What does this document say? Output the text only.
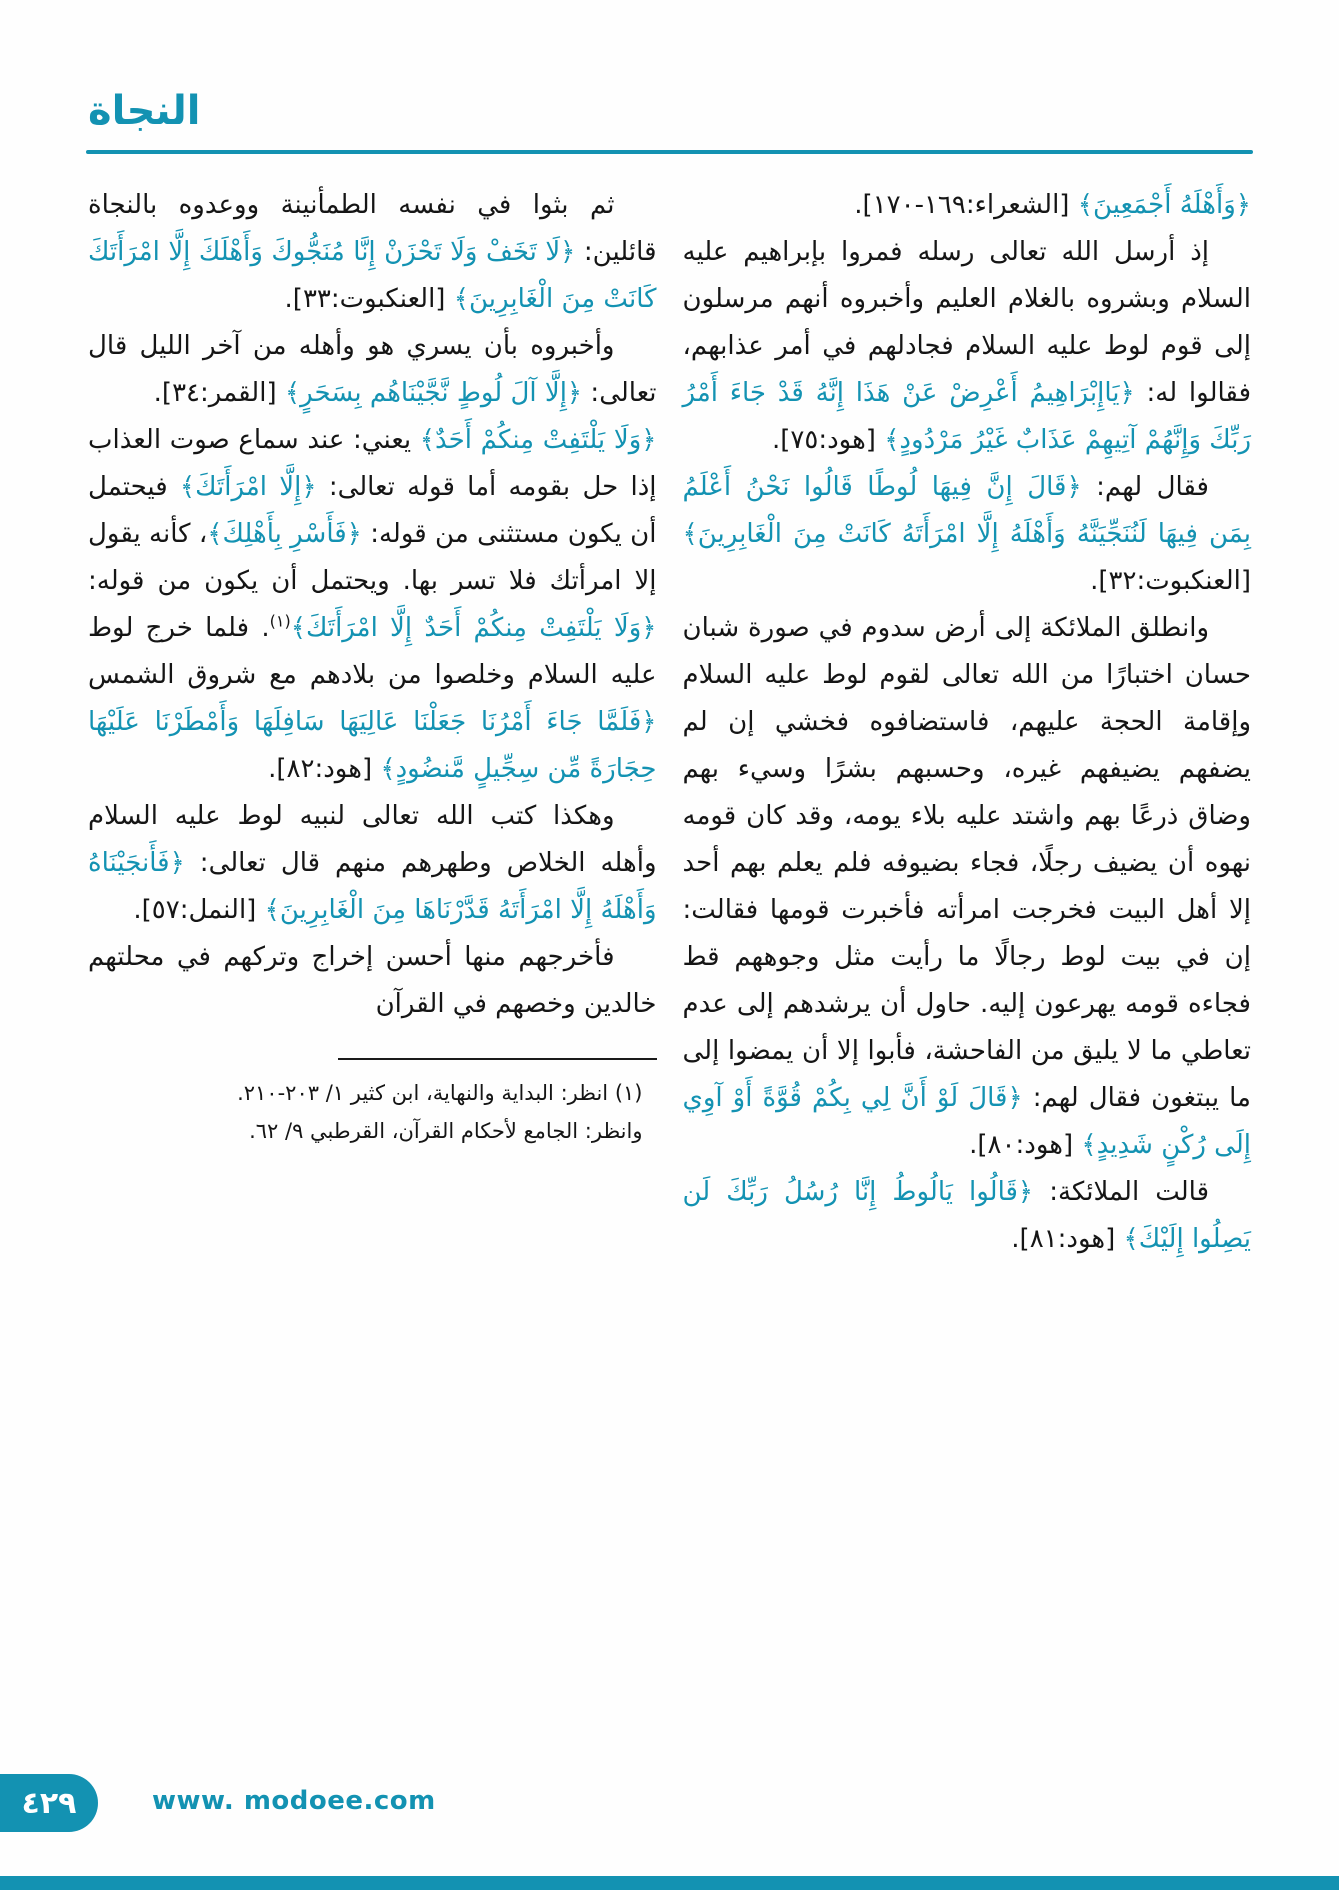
النجاة

﴿وَأَهْلَهُ أَجْمَعِينَ﴾ [الشعراء:١٦٩-١٧٠].

إذ أرسل الله تعالى رسله فمروا بإبراهيم عليه السلام وبشروه بالغلام العليم وأخبروه أنهم مرسلون إلى قوم لوط عليه السلام فجادلهم في أمر عذابهم، فقالوا له: ﴿يَاإِبْرَاهِيمُ أَعْرِضْ عَنْ هَذَا إِنَّهُ قَدْ جَاءَ أَمْرُ رَبِّكَ وَإِنَّهُمْ آتِيهِمْ عَذَابٌ غَيْرُ مَرْدُودٍ﴾ [هود:٧٥].

فقال لهم: ﴿قَالَ إِنَّ فِيهَا لُوطًا قَالُوا نَحْنُ أَعْلَمُ بِمَن فِيهَا لَنُنَجِّيَنَّهُ وَأَهْلَهُ إِلَّا امْرَأَتَهُ كَانَتْ مِنَ الْغَابِرِينَ﴾ [العنكبوت:٣٢].

وانطلق الملائكة إلى أرض سدوم في صورة شبان حسان اختبارًا من الله تعالى لقوم لوط عليه السلام وإقامة الحجة عليهم، فاستضافوه فخشي إن لم يضفهم يضيفهم غيره، وحسبهم بشرًا وسيء بهم وضاق ذرعًا بهم واشتد عليه بلاء يومه، وقد كان قومه نهوه أن يضيف رجلًا، فجاء بضيوفه فلم يعلم بهم أحد إلا أهل البيت فخرجت امرأته فأخبرت قومها فقالت: إن في بيت لوط رجالًا ما رأيت مثل وجوههم قط فجاءه قومه يهرعون إليه. حاول أن يرشدهم إلى عدم تعاطي ما لا يليق من الفاحشة، فأبوا إلا أن يمضوا إلى ما يبتغون فقال لهم: ﴿قَالَ لَوْ أَنَّ لِي بِكُمْ قُوَّةً أَوْ آوِي إِلَى رُكْنٍ شَدِيدٍ﴾ [هود:٨٠].

قالت الملائكة: ﴿قَالُوا يَالُوطُ إِنَّا رُسُلُ رَبِّكَ لَن يَصِلُوا إِلَيْكَ﴾ [هود:٨١].

ثم بثوا في نفسه الطمأنينة ووعدوه بالنجاة قائلين: ﴿لَا تَخَفْ وَلَا تَحْزَنْ إِنَّا مُنَجُّوكَ وَأَهْلَكَ إِلَّا امْرَأَتَكَ كَانَتْ مِنَ الْغَابِرِينَ﴾ [العنكبوت:٣٣].

وأخبروه بأن يسري هو وأهله من آخر الليل قال تعالى: ﴿إِلَّا آلَ لُوطٍ نَّجَّيْنَاهُم بِسَحَرٍ﴾ [القمر:٣٤].

﴿وَلَا يَلْتَفِتْ مِنكُمْ أَحَدٌ﴾ يعني: عند سماع صوت العذاب إذا حل بقومه أما قوله تعالى: ﴿إِلَّا امْرَأَتَكَ﴾ فيحتمل أن يكون مستثنى من قوله: ﴿فَأَسْرِ بِأَهْلِكَ﴾، كأنه يقول إلا امرأتك فلا تسر بها. ويحتمل أن يكون من قوله: ﴿وَلَا يَلْتَفِتْ مِنكُمْ أَحَدٌ إِلَّا امْرَأَتَكَ﴾$^{(١)}$. فلما خرج لوط عليه السلام وخلصوا من بلادهم مع شروق الشمس ﴿فَلَمَّا جَاءَ أَمْرُنَا جَعَلْنَا عَالِيَهَا سَافِلَهَا وَأَمْطَرْنَا عَلَيْهَا حِجَارَةً مِّن سِجِّيلٍ مَّنضُودٍ﴾ [هود:٨٢].

وهكذا كتب الله تعالى لنبيه لوط عليه السلام وأهله الخلاص وطهرهم منهم قال تعالى: ﴿فَأَنجَيْنَاهُ وَأَهْلَهُ إِلَّا امْرَأَتَهُ قَدَّرْنَاهَا مِنَ الْغَابِرِينَ﴾ [النمل:٥٧].

فأخرجهم منها أحسن إخراج وتركهم في محلتهم خالدين وخصهم في القرآن

(١) انظر: البداية والنهاية، ابن كثير ١/ ٢٠٣-٢١٠.

وانظر: الجامع لأحكام القرآن، القرطبي ٩/ ٦٢.

٤٢٩	www. modoee.com
